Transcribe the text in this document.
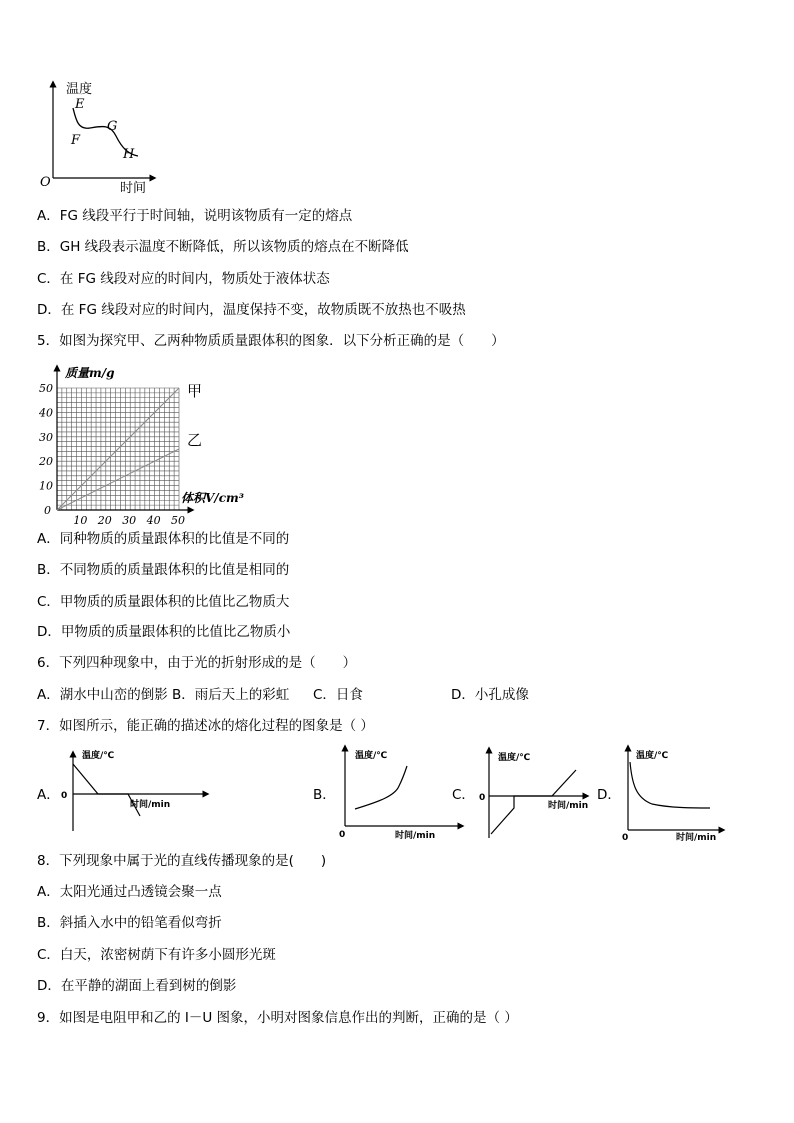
温度
E
F
G
H
O	时间
A．FG 线段平行于时间轴，说明该物质有一定的熔点
B．GH 线段表示温度不断降低，所以该物质的熔点在不断降低
C．在 FG 线段对应的时间内，物质处于液体状态
D．在 FG 线段对应的时间内，温度保持不变，故物质既不放热也不吸热
5．如图为探究甲、乙两种物质质量跟体积的图象．以下分析正确的是（　　）
甲
乙
10 20 30 40 50
10
20
30
40
50
0
质量m/g
体积V/cm³
A．同种物质的质量跟体积的比值是不同的
B．不同物质的质量跟体积的比值是相同的
C．甲物质的质量跟体积的比值比乙物质大
D．甲物质的质量跟体积的比值比乙物质小
6．下列四种现象中，由于光的折射形成的是（　　）
A．湖水中山峦的倒影 B．雨后天上的彩虹 C．日食	D．小孔成像
7．如图所示，能正确的描述冰的熔化过程的图象是（ ）
A．
温度/℃
0
时间/min
B．
温度/℃
0	时间/min
C．
温度/℃
0
时间/min
D．
温度/℃
0	时间/min
8．下列现象中属于光的直线传播现象的是(　　)
A．太阳光通过凸透镜会聚一点
B．斜插入水中的铅笔看似弯折
C．白天，浓密树荫下有许多小圆形光斑
D．在平静的湖面上看到树的倒影
9．如图是电阻甲和乙的 I－U 图象，小明对图象信息作出的判断，正确的是（ ）
